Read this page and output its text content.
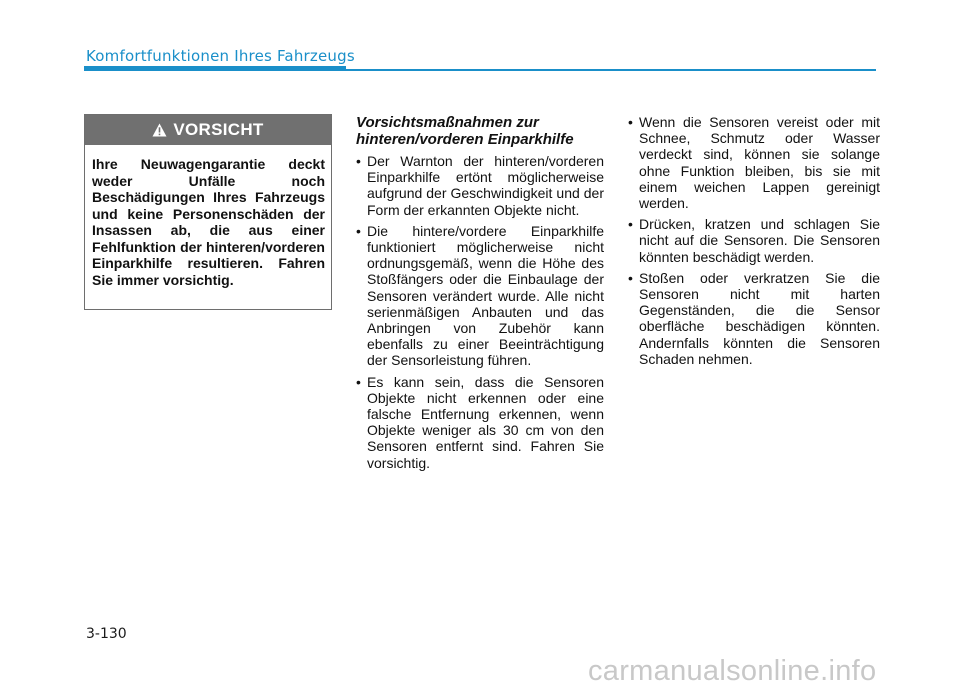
Komfortfunktionen Ihres Fahrzeugs
VORSICHT
Ihre Neuwagengarantie deckt weder Unfälle noch Beschädigungen Ihres Fahrzeugs und keine Personenschäden der Insassen ab, die aus einer Fehlfunktion der hinteren/vorderen Einparkhilfe resultieren. Fahren Sie immer vorsichtig.
Vorsichtsmaßnahmen zur hinteren/vorderen Einparkhilfe
• Der Warnton der hinteren/vorderen Einparkhilfe ertönt möglicherweise aufgrund der Geschwindigkeit und der Form der erkannten Objekte nicht.
• Die hintere/vordere Einparkhilfe funktioniert möglicherweise nicht ordnungsgemäß, wenn die Höhe des Stoßfängers oder die Einbaulage der Sensoren verändert wurde. Alle nicht serienmäßigen Anbauten und das Anbringen von Zubehör kann ebenfalls zu einer Beeinträchtigung der Sensorleistung führen.
• Es kann sein, dass die Sensoren Objekte nicht erkennen oder eine falsche Entfernung erkennen, wenn Objekte weniger als 30 cm von den Sensoren entfernt sind. Fahren Sie vorsichtig.
• Wenn die Sensoren vereist oder mit Schnee, Schmutz oder Wasser verdeckt sind, können sie solange ohne Funktion bleiben, bis sie mit einem weichen Lappen gereinigt werden.
• Drücken, kratzen und schlagen Sie nicht auf die Sensoren. Die Sensoren könnten beschädigt werden.
• Stoßen oder verkratzen Sie die Sensoren nicht mit harten Gegenständen, die die Sensor oberfläche beschädigen könnten. Andernfalls könnten die Sensoren Schaden nehmen.
3-130
carmanualsonline.info
